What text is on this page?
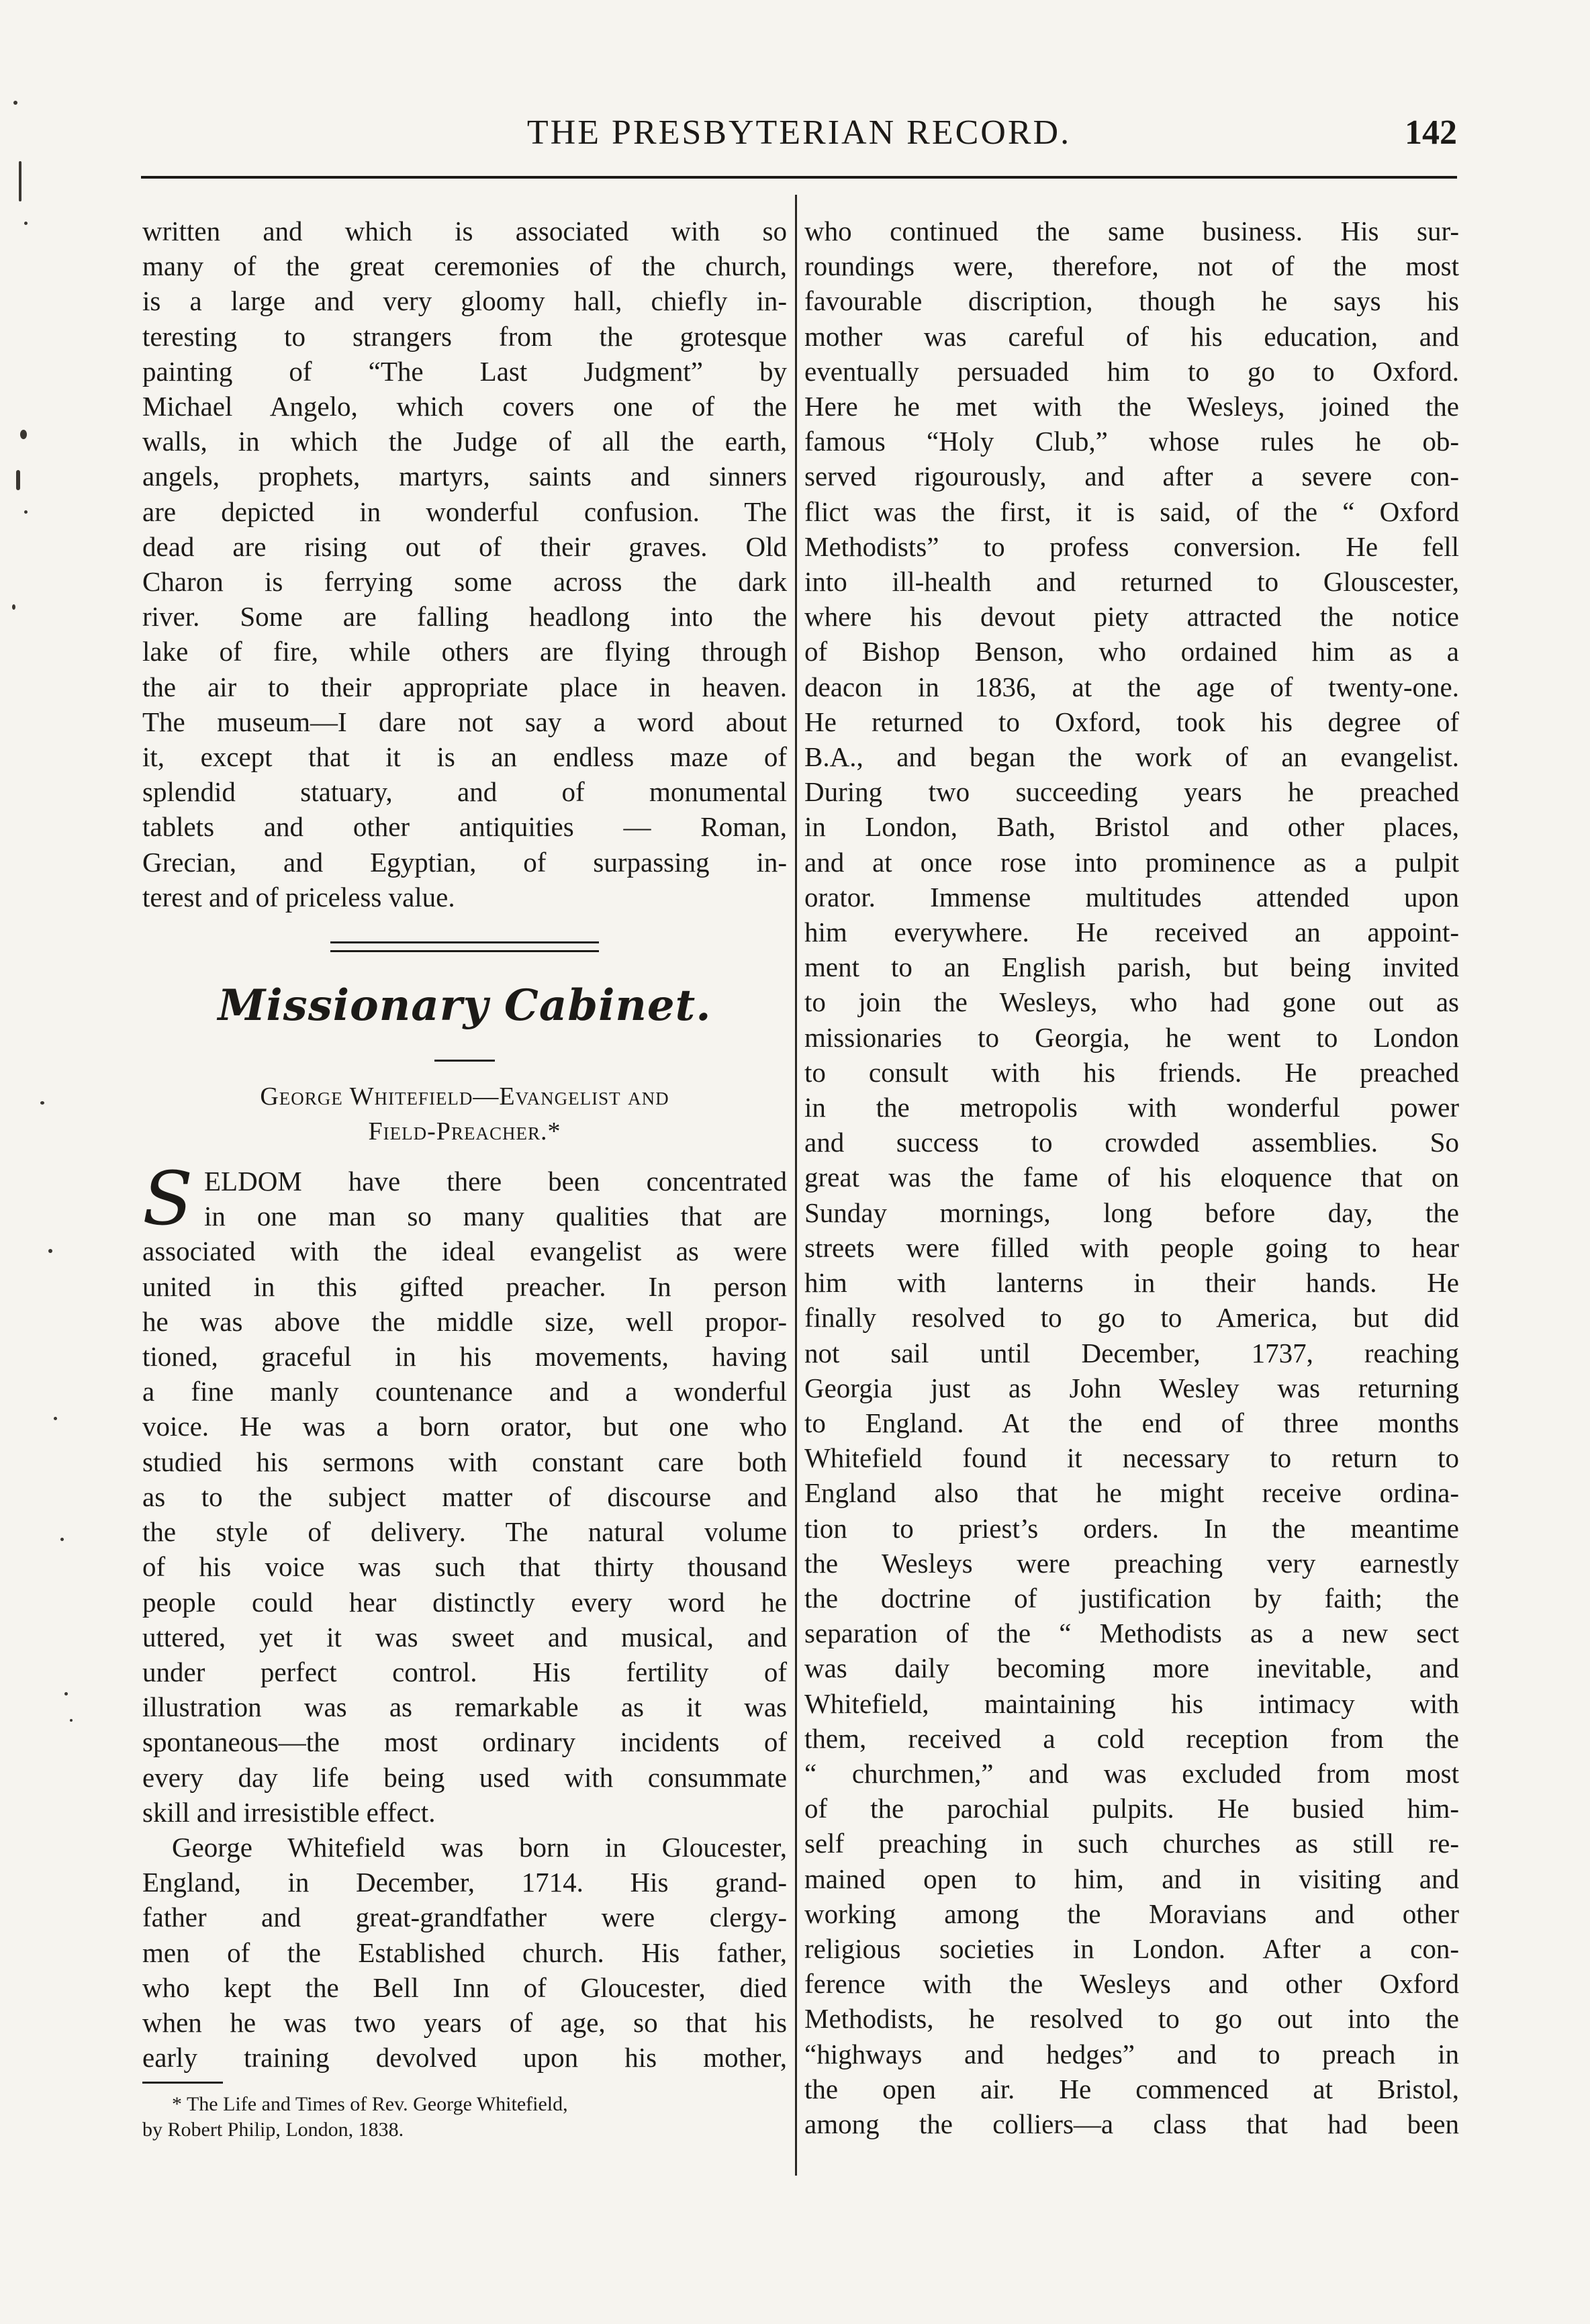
THE PRESBYTERIAN RECORD.	142
written and which is associated with so
many of the great ceremonies of the church,
is a large and very gloomy hall, chiefly in-
teresting to strangers from the grotesque
painting of “The Last Judgment” by
Michael Angelo, which covers one of the
walls, in which the Judge of all the earth,
angels, prophets, martyrs, saints and sinners
are depicted in wonderful confusion. The
dead are rising out of their graves. Old
Charon is ferrying some across the dark
river. Some are falling headlong into the
lake of fire, while others are flying through
the air to their appropriate place in heaven.
The museum—I dare not say a word about
it, except that it is an endless maze of
splendid statuary, and of monumental
tablets and other antiquities — Roman,
Grecian, and Egyptian, of surpassing in-
terest and of priceless value.
Missionary Cabinet.
George Whitefield—Evangelist and
Field-Preacher.*
S ELDOM have there been concentrated
in one man so many qualities that are
associated with the ideal evangelist as were
united in this gifted preacher. In person
he was above the middle size, well propor-
tioned, graceful in his movements, having
a fine manly countenance and a wonderful
voice. He was a born orator, but one who
studied his sermons with constant care both
as to the subject matter of discourse and
the style of delivery. The natural volume
of his voice was such that thirty thousand
people could hear distinctly every word he
uttered, yet it was sweet and musical, and
under perfect control. His fertility of
illustration was as remarkable as it was
spontaneous—the most ordinary incidents of
every day life being used with consummate
skill and irresistible effect.
George Whitefield was born in Gloucester,
England, in December, 1714. His grand-
father and great-grandfather were clergy-
men of the Established church. His father,
who kept the Bell Inn of Gloucester, died
when he was two years of age, so that his
early training devolved upon his mother,
* The Life and Times of Rev. George Whitefield,
by Robert Philip, London, 1838.
who continued the same business. His sur-
roundings were, therefore, not of the most
favourable discription, though he says his
mother was careful of his education, and
eventually persuaded him to go to Oxford.
Here he met with the Wesleys, joined the
famous “Holy Club,” whose rules he ob-
served rigourously, and after a severe con-
flict was the first, it is said, of the “ Oxford
Methodists” to profess conversion. He fell
into ill-health and returned to Glouscester,
where his devout piety attracted the notice
of Bishop Benson, who ordained him as a
deacon in 1836, at the age of twenty-one.
He returned to Oxford, took his degree of
B.A., and began the work of an evangelist.
During two succeeding years he preached
in London, Bath, Bristol and other places,
and at once rose into prominence as a pulpit
orator. Immense multitudes attended upon
him everywhere. He received an appoint-
ment to an English parish, but being invited
to join the Wesleys, who had gone out as
missionaries to Georgia, he went to London
to consult with his friends. He preached
in the metropolis with wonderful power
and success to crowded assemblies. So
great was the fame of his eloquence that on
Sunday mornings, long before day, the
streets were filled with people going to hear
him with lanterns in their hands. He
finally resolved to go to America, but did
not sail until December, 1737, reaching
Georgia just as John Wesley was returning
to England. At the end of three months
Whitefield found it necessary to return to
England also that he might receive ordina-
tion to priest’s orders. In the meantime
the Wesleys were preaching very earnestly
the doctrine of justification by faith; the
separation of the “ Methodists as a new sect
was daily becoming more inevitable, and
Whitefield, maintaining his intimacy with
them, received a cold reception from the
“ churchmen,” and was excluded from most
of the parochial pulpits. He busied him-
self preaching in such churches as still re-
mained open to him, and in visiting and
working among the Moravians and other
religious societies in London. After a con-
ference with the Wesleys and other Oxford
Methodists, he resolved to go out into the
“highways and hedges” and to preach in
the open air. He commenced at Bristol,
among the colliers—a class that had been
